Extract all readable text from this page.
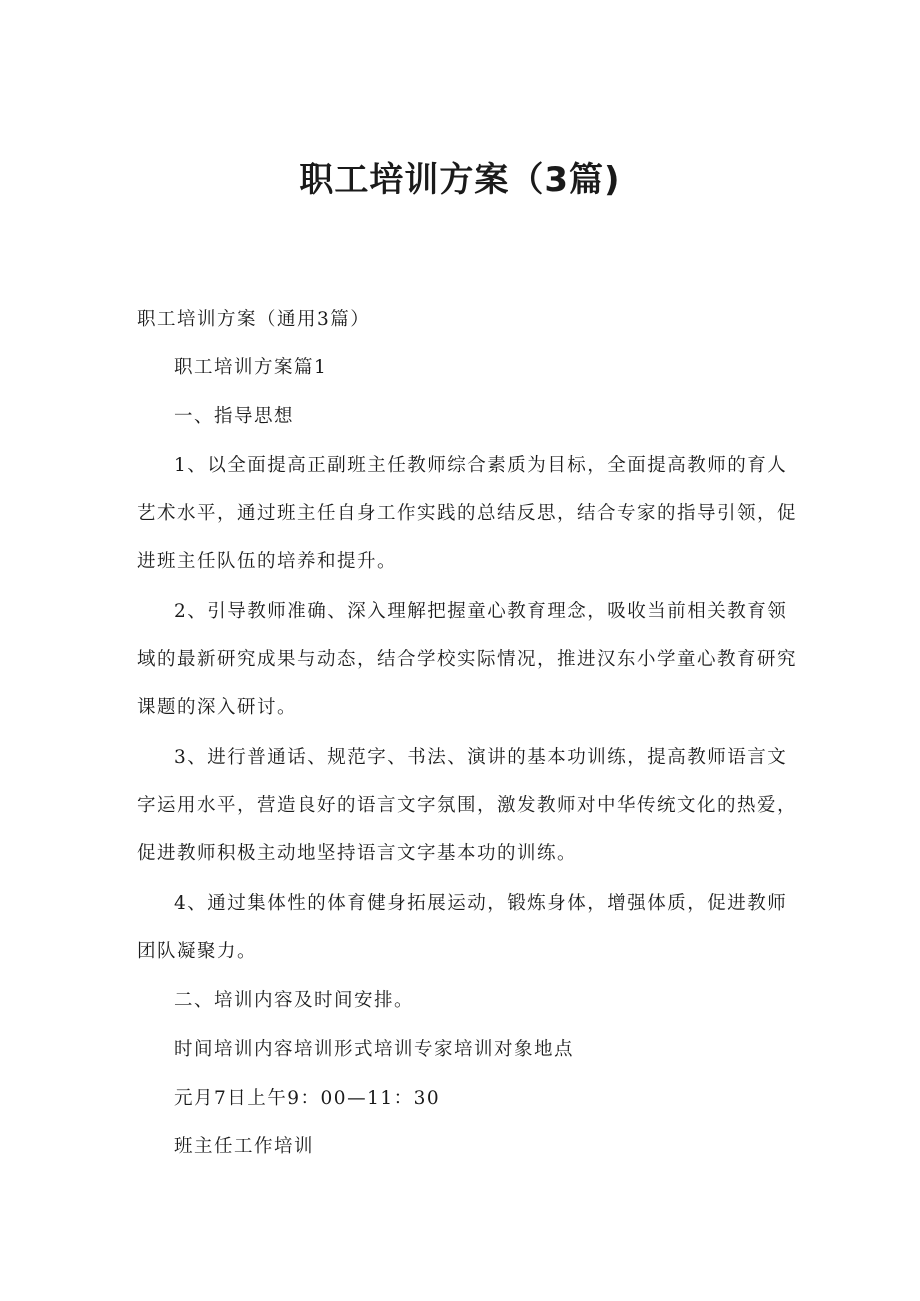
职工培训方案（3篇)

职工培训方案（通用3篇）

职工培训方案篇1

一、指导思想

1、以全面提高正副班主任教师综合素质为目标，全面提高教师的育人
艺术水平，通过班主任自身工作实践的总结反思，结合专家的指导引领，促
进班主任队伍的培养和提升。

2、引导教师准确、深入理解把握童心教育理念，吸收当前相关教育领
域的最新研究成果与动态，结合学校实际情况，推进汉东小学童心教育研究
课题的深入研讨。

3、进行普通话、规范字、书法、演讲的基本功训练，提高教师语言文
字运用水平，营造良好的语言文字氛围，激发教师对中华传统文化的热爱，
促进教师积极主动地坚持语言文字基本功的训练。

4、通过集体性的体育健身拓展运动，锻炼身体，增强体质，促进教师
团队凝聚力。

二、培训内容及时间安排。

时间培训内容培训形式培训专家培训对象地点

元月7日上午9：00—11：30

班主任工作培训
